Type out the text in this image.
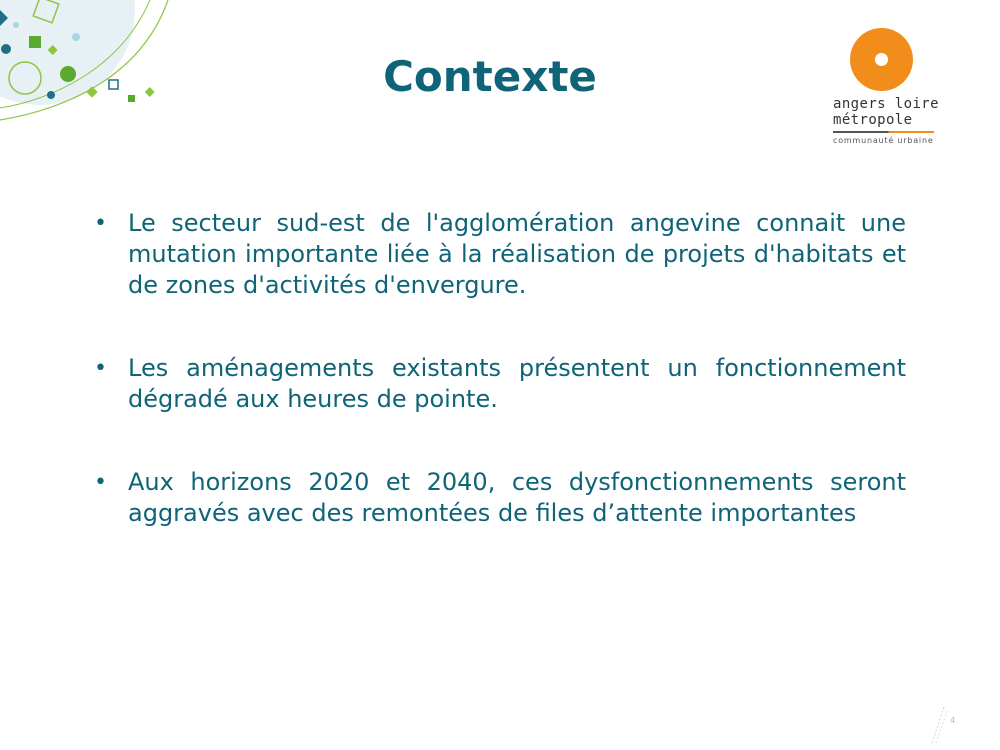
Contexte
angers loire
métropole
communauté urbaine
• Le secteur sud-est de l'agglomération angevine connait une mutation importante liée à la réalisation de projets d'habitats et de zones d'activités d'envergure.
• Les aménagements existants présentent un fonctionnement dégradé aux heures de pointe.
• Aux horizons 2020 et 2040, ces dysfonctionnements seront aggravés avec des remontées de files d’attente importantes
4
